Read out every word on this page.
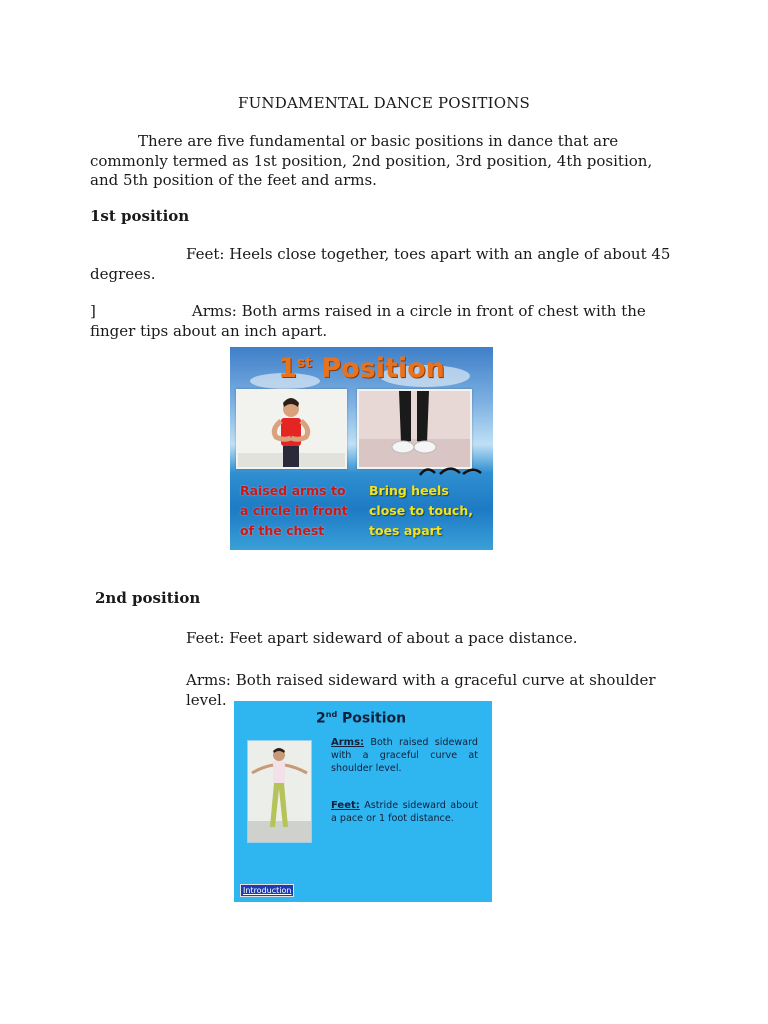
FUNDAMENTAL DANCE POSITIONS
There are five fundamental or basic positions in dance that are commonly termed as 1st position, 2nd position, 3rd position, 4th position, and 5th position of the feet and arms.
1st position
Feet: Heels close together, toes apart with an angle of about 45 degrees.
]	Arms: Both arms raised in a circle in front of chest with the finger tips about an inch apart.
1st Position
Raised arms to
a circle in front
of the chest
Bring heels
close to touch,
toes apart
2nd position
Feet: Feet apart sideward of about a pace distance.
Arms: Both raised sideward with a graceful curve at shoulder level.
2nd Position
Arms: Both raised sideward with a graceful curve at shoulder level.
Feet: Astride sideward about a pace or 1 foot distance.
Introduction
